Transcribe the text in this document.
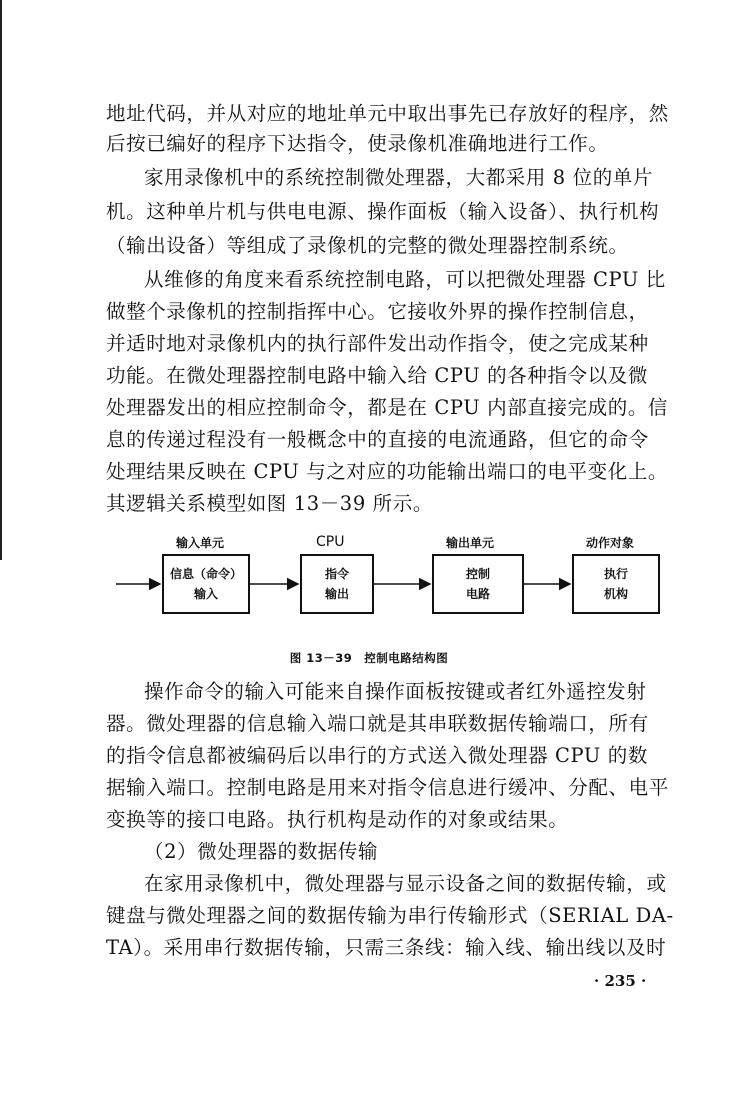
地址代码，并从对应的地址单元中取出事先已存放好的程序，然
后按已编好的程序下达指令，使录像机准确地进行工作。
家用录像机中的系统控制微处理器，大都采用 8 位的单片
机。这种单片机与供电电源、操作面板（输入设备）、执行机构
（输出设备）等组成了录像机的完整的微处理器控制系统。
从维修的角度来看系统控制电路，可以把微处理器 CPU 比
做整个录像机的控制指挥中心。它接收外界的操作控制信息，
并适时地对录像机内的执行部件发出动作指令，使之完成某种
功能。在微处理器控制电路中输入给 CPU 的各种指令以及微
处理器发出的相应控制命令，都是在 CPU 内部直接完成的。信
息的传递过程没有一般概念中的直接的电流通路，但它的命令
处理结果反映在 CPU 与之对应的功能输出端口的电平变化上。
其逻辑关系模型如图 13－39 所示。
输入单元
信息（命令）
输入
CPU
指令
输出
输出单元
控制
电路
动作对象
执行
机构
图 13－39　控制电路结构图
操作命令的输入可能来自操作面板按键或者红外遥控发射
器。微处理器的信息输入端口就是其串联数据传输端口，所有
的指令信息都被编码后以串行的方式送入微处理器 CPU 的数
据输入端口。控制电路是用来对指令信息进行缓冲、分配、电平
变换等的接口电路。执行机构是动作的对象或结果。
（2）微处理器的数据传输
在家用录像机中，微处理器与显示设备之间的数据传输，或
键盘与微处理器之间的数据传输为串行传输形式（SERIAL DA-
TA）。采用串行数据传输，只需三条线：输入线、输出线以及时
· 235 ·
